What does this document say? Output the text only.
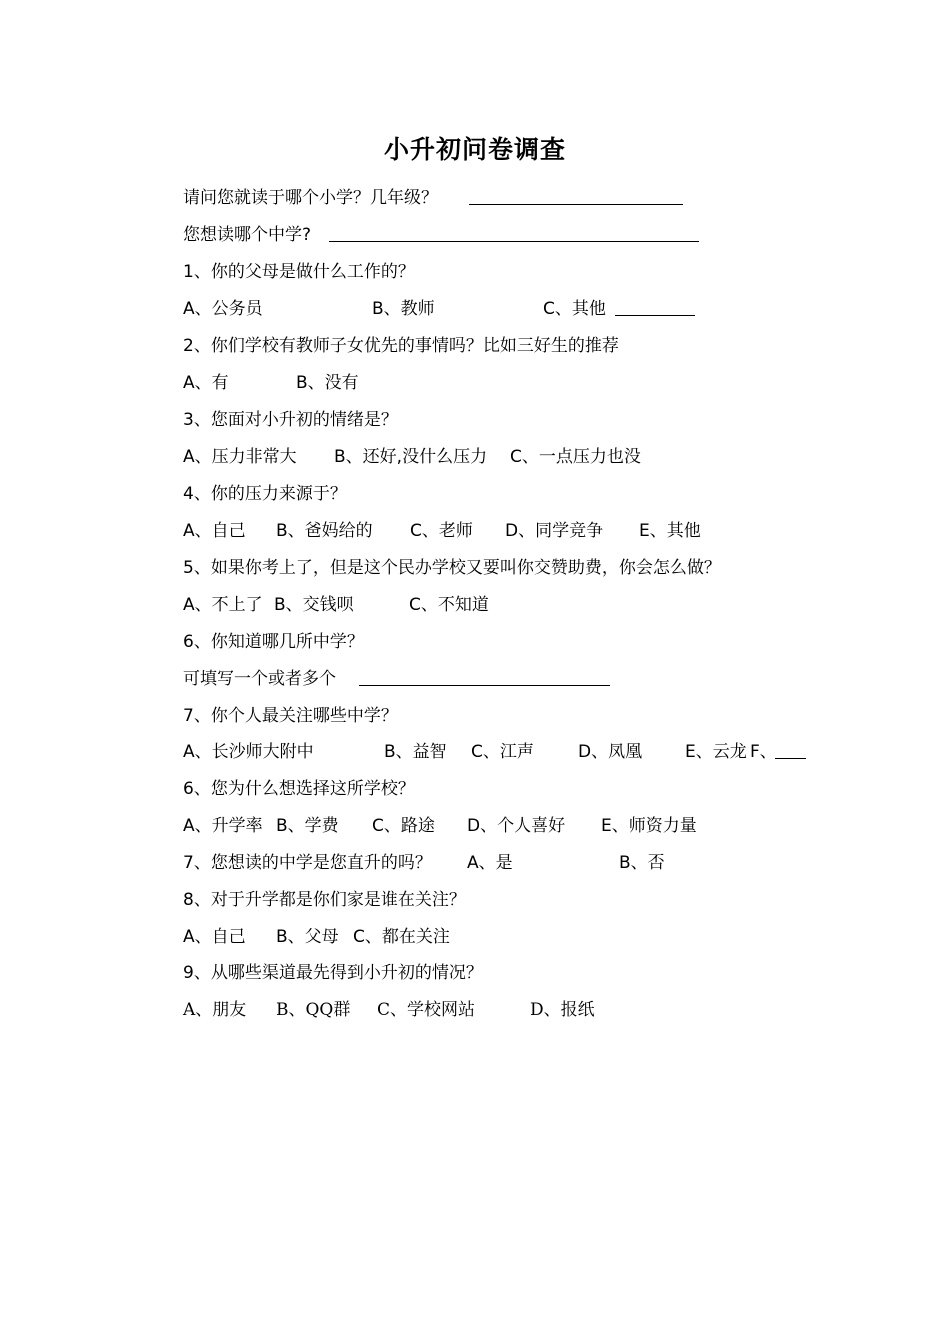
小升初问卷调查
请问您就读于哪个小学？几年级？
您想读哪个中学?
1、你的父母是做什么工作的？
A、公务员	B、教师	C、其他
2、你们学校有教师子女优先的事情吗？比如三好生的推荐
A、有	B、没有
3、您面对小升初的情绪是？
A、压力非常大 B、还好,没什么压力 C、一点压力也没
4、你的压力来源于？
A、自己 B、爸妈给的 C、老师 D、同学竞争 E、其他
5、如果你考上了，但是这个民办学校又要叫你交赞助费，你会怎么做？
A、不上了 B、交钱呗	C、不知道
6、你知道哪几所中学？
可填写一个或者多个
7、你个人最关注哪些中学？
A、长沙师大附中	B、益智 C、江声	D、凤凰	E、云龙 F、
6、您为什么想选择这所学校？
A、升学率 B、学费 C、路途 D、个人喜好 E、师资力量
7、您想读的中学是您直升的吗？ A、是	B、否
8、对于升学都是你们家是谁在关注？
A、自己 B、父母 C、都在关注
9、从哪些渠道最先得到小升初的情况？
A、朋友 B、QQ群 C、学校网站	D、报纸
